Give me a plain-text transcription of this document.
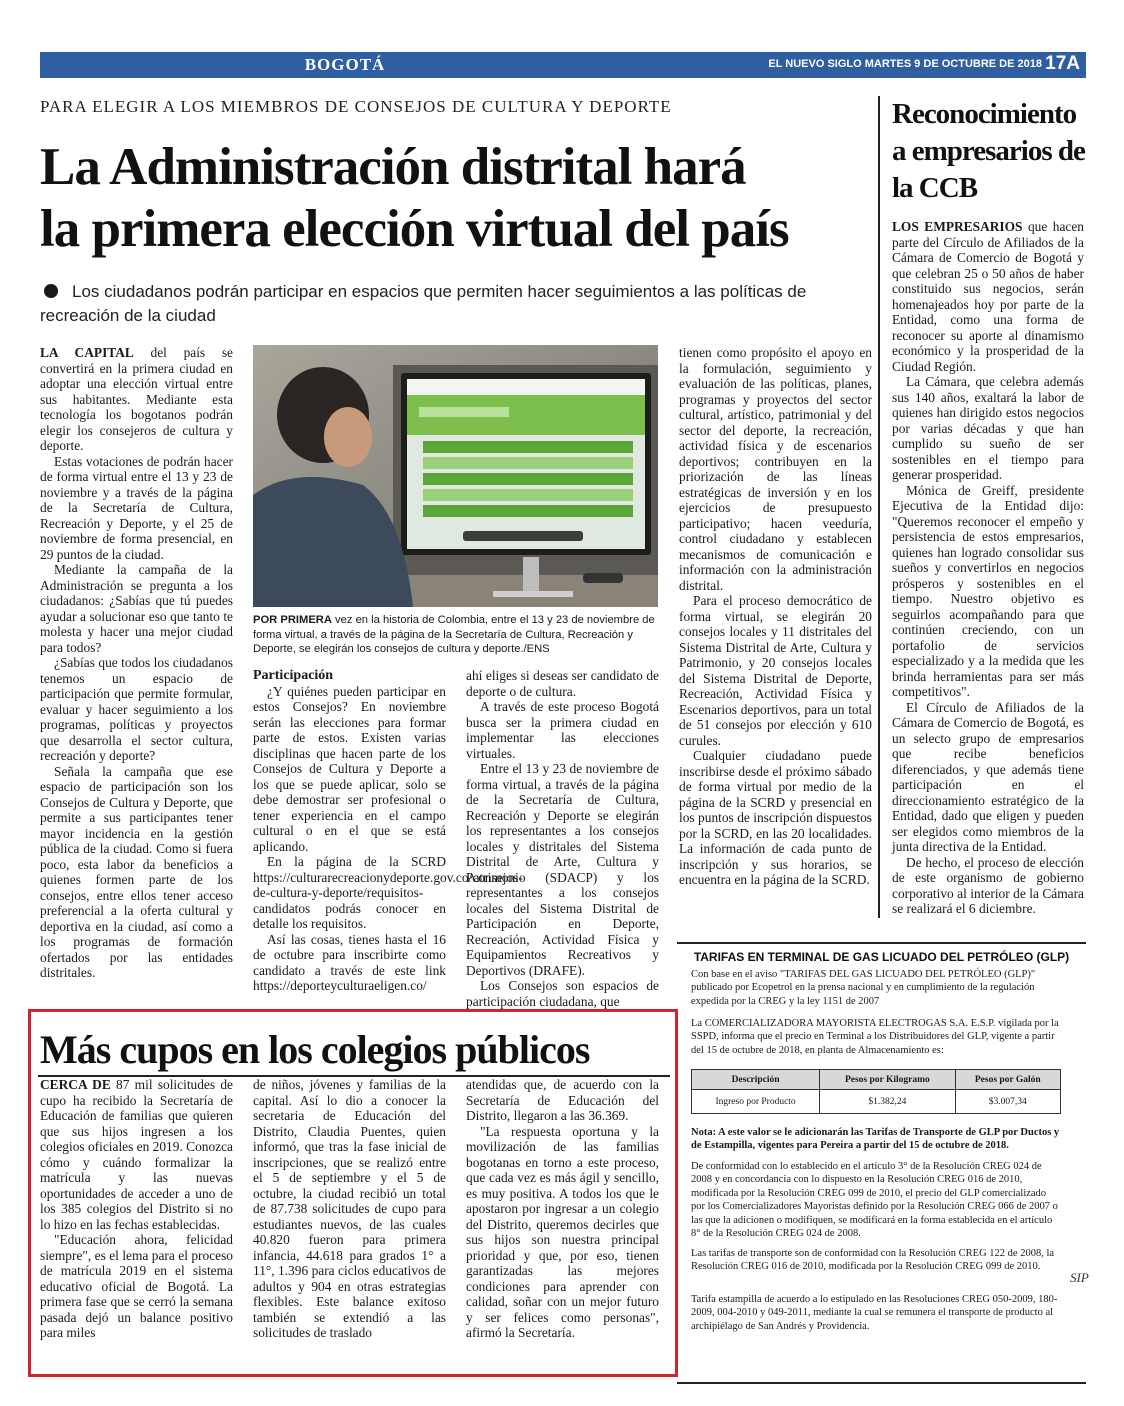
BOGOTÁ	EL NUEVO SIGLO MARTES 9 DE OCTUBRE DE 2018 17A
PARA ELEGIR A LOS MIEMBROS DE CONSEJOS DE CULTURA Y DEPORTE
La Administración distrital hará
la primera elección virtual del país
Los ciudadanos podrán participar en espacios que permiten hacer seguimientos a las políticas de recreación de la ciudad

LA CAPITAL del país se convertirá en la primera ciudad en adoptar una elección virtual entre sus habitantes. Mediante esta tecnología los bogotanos podrán elegir los consejeros de cultura y deporte.

Estas votaciones de podrán hacer de forma virtual entre el 13 y 23 de noviembre y a través de la página de la Secretaría de Cultura, Recreación y Deporte, y el 25 de noviembre de forma presencial, en 29 puntos de la ciudad.

Mediante la campaña de la Administración se pregunta a los ciudadanos: ¿Sabías que tú puedes ayudar a solucionar eso que tanto te molesta y hacer una mejor ciudad para todos?

¿Sabías que todos los ciudadanos tenemos un espacio de participación que permite formular, evaluar y hacer seguimiento a los programas, políticas y proyectos que desarrolla el sector cultura, recreación y deporte?

Señala la campaña que ese espacio de participación son los Consejos de Cultura y Deporte, que permite a sus participantes tener mayor incidencia en la gestión pública de la ciudad. Como si fuera poco, esta labor da beneficios a quienes formen parte de los consejos, entre ellos tener acceso preferencial a la oferta cultural y deportiva en la ciudad, así como a los programas de formación ofertados por las entidades distritales.

POR PRIMERA vez en la historia de Colombia, entre el 13 y 23 de noviembre de forma virtual, a través de la página de la Secretaría de Cultura, Recreación y Deporte, se elegirán los consejos de cultura y deporte./ENS

Participación

¿Y quiénes pueden participar en estos Consejos? En noviembre serán las elecciones para formar parte de estos. Existen varias disciplinas que hacen parte de los Consejos de Cultura y Deporte a los que se puede aplicar, solo se debe demostrar ser profesional o tener experiencia en el campo cultural o en el que se está aplicando.

En la página de la SCRD https://culturarecreacionydeporte.gov.co/consejos-de-cultura-y-deporte/requisitos-candidatos podrás conocer en detalle los requisitos.

Así las cosas, tienes hasta el 16 de octubre para inscribirte como candidato a través de este link https://deporteyculturaeligen.co/

ahí eliges si deseas ser candidato de deporte o de cultura.

A través de este proceso Bogotá busca ser la primera ciudad en implementar las elecciones virtuales.

Entre el 13 y 23 de noviembre de forma virtual, a través de la página de la Secretaría de Cultura, Recreación y Deporte se elegirán los representantes a los consejos locales y distritales del Sistema Distrital de Arte, Cultura y Patrimonio (SDACP) y los representantes a los consejos locales del Sistema Distrital de Participación en Deporte, Recreación, Actividad Física y Equipamientos Recreativos y Deportivos (DRAFE).

Los Consejos son espacios de participación ciudadana, que

tienen como propósito el apoyo en la formulación, seguimiento y evaluación de las políticas, planes, programas y proyectos del sector cultural, artístico, patrimonial y del sector del deporte, la recreación, actividad física y de escenarios deportivos; contribuyen en la priorización de las líneas estratégicas de inversión y en los ejercicios de presupuesto participativo; hacen veeduría, control ciudadano y establecen mecanismos de comunicación e información con la administración distrital.

Para el proceso democrático de forma virtual, se elegirán 20 consejos locales y 11 distritales del Sistema Distrital de Arte, Cultura y Patrimonio, y 20 consejos locales del Sistema Distrital de Deporte, Recreación, Actividad Física y Escenarios deportivos, para un total de 51 consejos por elección y 610 curules.

Cualquier ciudadano puede inscribirse desde el próximo sábado de forma virtual por medio de la página de la SCRD y presencial en los puntos de inscripción dispuestos por la SCRD, en las 20 localidades. La información de cada punto de inscripción y sus horarios, se encuentra en la página de la SCRD.

Reconocimiento a empresarios de la CCB

LOS EMPRESARIOS que hacen parte del Círculo de Afiliados de la Cámara de Comercio de Bogotá y que celebran 25 o 50 años de haber constituido sus negocios, serán homenajeados hoy por parte de la Entidad, como una forma de reconocer su aporte al dinamismo económico y la prosperidad de la Ciudad Región.

La Cámara, que celebra además sus 140 años, exaltará la labor de quienes han dirigido estos negocios por varias décadas y que han cumplido su sueño de ser sostenibles en el tiempo para generar prosperidad.

Mónica de Greiff, presidente Ejecutiva de la Entidad dijo: "Queremos reconocer el empeño y persistencia de estos empresarios, quienes han logrado consolidar sus sueños y convertirlos en negocios prósperos y sostenibles en el tiempo. Nuestro objetivo es seguirlos acompañando para que continúen creciendo, con un portafolio de servicios especializado y a la medida que les brinda herramientas para ser más competitivos".

El Círculo de Afiliados de la Cámara de Comercio de Bogotá, es un selecto grupo de empresarios que recibe beneficios diferenciados, y que además tiene participación en el direccionamiento estratégico de la Entidad, dado que eligen y pueden ser elegidos como miembros de la junta directiva de la Entidad.

De hecho, el proceso de elección de este organismo de gobierno corporativo al interior de la Cámara se realizará el 6 diciembre.

Más cupos en los colegios públicos

CERCA DE 87 mil solicitudes de cupo ha recibido la Secretaría de Educación de familias que quieren que sus hijos ingresen a los colegios oficiales en 2019. Conozca cómo y cuándo formalizar la matrícula y las nuevas oportunidades de acceder a uno de los 385 colegios del Distrito si no lo hizo en las fechas establecidas.

"Educación ahora, felicidad siempre", es el lema para el proceso de matrícula 2019 en el sistema educativo oficial de Bogotá. La primera fase que se cerró la semana pasada dejó un balance positivo para miles

de niños, jóvenes y familias de la capital. Así lo dio a conocer la secretaria de Educación del Distrito, Claudia Puentes, quien informó, que tras la fase inicial de inscripciones, que se realizó entre el 5 de septiembre y el 5 de octubre, la ciudad recibió un total de 87.738 solicitudes de cupo para estudiantes nuevos, de las cuales 40.820 fueron para primera infancia, 44.618 para grados 1° a 11°, 1.396 para ciclos educativos de adultos y 904 en otras estrategias flexibles. Este balance exitoso también se extendió a las solicitudes de traslado

atendidas que, de acuerdo con la Secretaría de Educación del Distrito, llegaron a las 36.369.

"La respuesta oportuna y la movilización de las familias bogotanas en torno a este proceso, que cada vez es más ágil y sencillo, es muy positiva. A todos los que le apostaron por ingresar a un colegio del Distrito, queremos decirles que sus hijos son nuestra principal prioridad y que, por eso, tienen garantizadas las mejores condiciones para aprender con calidad, soñar con un mejor futuro y ser felices como personas", afirmó la Secretaría.

TARIFAS EN TERMINAL DE GAS LICUADO DEL PETRÓLEO (GLP)
Con base en el aviso "TARIFAS DEL GAS LICUADO DEL PETRÓLEO (GLP)" publicado por Ecopetrol en la prensa nacional y en cumplimiento de la regulación expedida por la CREG y la ley 1151 de 2007
La COMERCIALIZADORA MAYORISTA ELECTROGAS S.A. E.S.P. vigilada por la SSPD, informa que el precio en Terminal a los Distribuidores del GLP, vigente a partir del 15 de octubre de 2018, en planta de Almacenamiento es:
Descripción	Pesos por Kilogramo	Pesos por Galón
Ingreso por Producto	$1.382,24	$3.007,34
Nota: A este valor se le adicionarán las Tarifas de Transporte de GLP por Ductos y de Estampilla, vigentes para Pereira a partir del 15 de octubre de 2018.
De conformidad con lo establecido en el artículo 3° de la Resolución CREG 024 de 2008 y en concordancia con lo dispuesto en la Resolución CREG 016 de 2010, modificada por la Resolución CREG 099 de 2010, el precio del GLP comercializado por los Comercializadores Mayoristas definido por la Resolución CREG 066 de 2007 o las que la adicionen o modifiquen, se modificará en la forma establecida en el artículo 8° de la Resolución CREG 024 de 2008.
Las tarifas de transporte son de conformidad con la Resolución CREG 122 de 2008, la Resolución CREG 016 de 2010, modificada por la Resolución CREG 099 de 2010.
Tarifa estampilla de acuerdo a lo estipulado en las Resoluciones CREG 050-2009, 180-2009, 004-2010 y 049-2011, mediante la cual se remunera el transporte de producto al archipiélago de San Andrés y Providencia.
SIP
